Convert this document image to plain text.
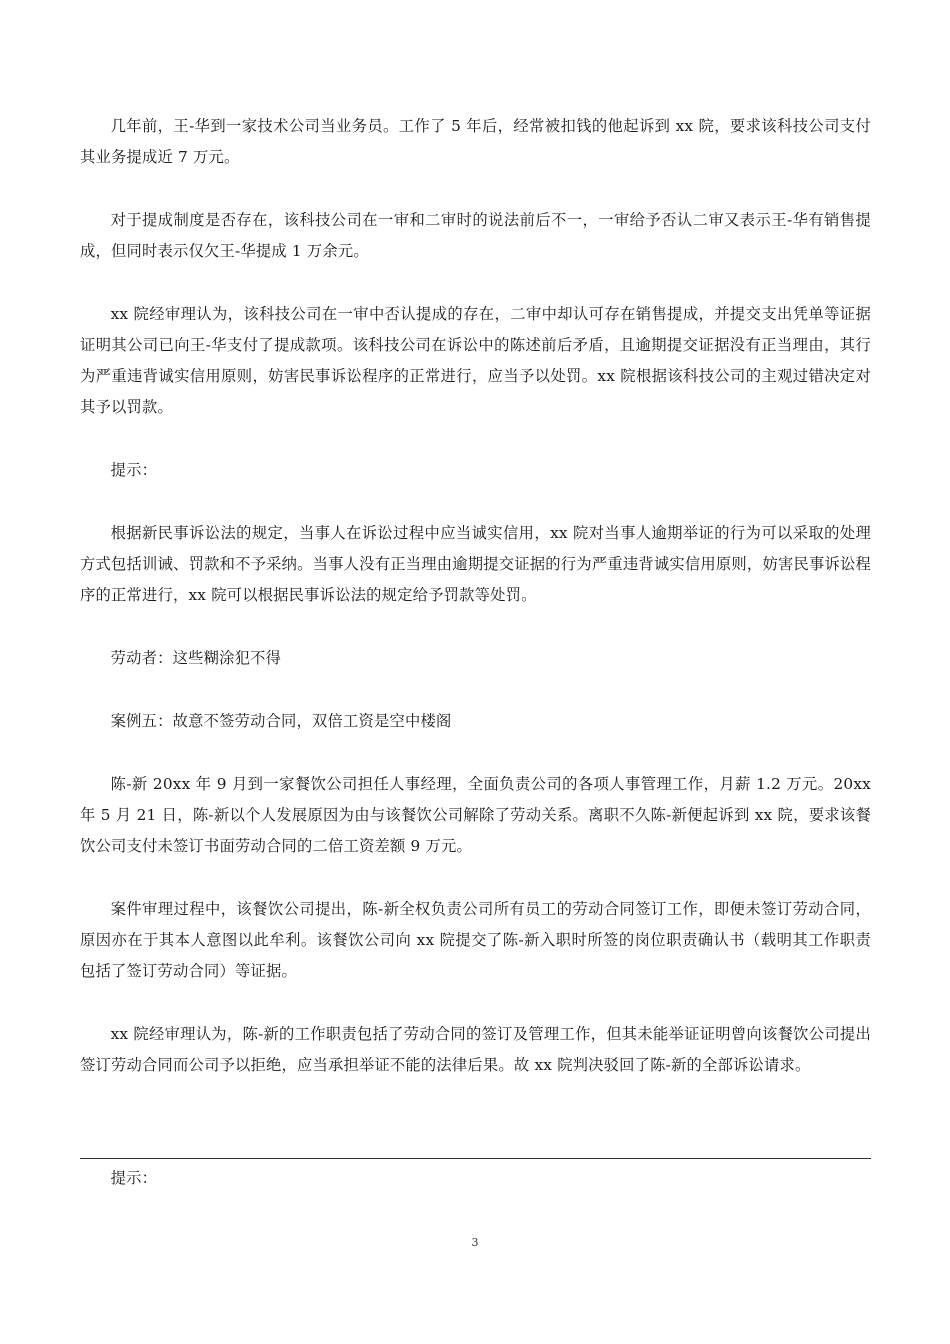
几年前，王-华到一家技术公司当业务员。工作了 5 年后，经常被扣钱的他起诉到 xx 院，要求该科技公司支付其业务提成近 7 万元。

对于提成制度是否存在，该科技公司在一审和二审时的说法前后不一，一审给予否认二审又表示王-华有销售提成，但同时表示仅欠王-华提成 1 万余元。

xx 院经审理认为，该科技公司在一审中否认提成的存在，二审中却认可存在销售提成，并提交支出凭单等证据证明其公司已向王-华支付了提成款项。该科技公司在诉讼中的陈述前后矛盾，且逾期提交证据没有正当理由，其行为严重违背诚实信用原则，妨害民事诉讼程序的正常进行，应当予以处罚。xx 院根据该科技公司的主观过错决定对其予以罚款。

提示：

根据新民事诉讼法的规定，当事人在诉讼过程中应当诚实信用，xx 院对当事人逾期举证的行为可以采取的处理方式包括训诫、罚款和不予采纳。当事人没有正当理由逾期提交证据的行为严重违背诚实信用原则，妨害民事诉讼程序的正常进行，xx 院可以根据民事诉讼法的规定给予罚款等处罚。

劳动者：这些糊涂犯不得

案例五：故意不签劳动合同，双倍工资是空中楼阁

陈-新 20xx 年 9 月到一家餐饮公司担任人事经理，全面负责公司的各项人事管理工作，月薪 1.2 万元。20xx 年 5 月 21 日，陈-新以个人发展原因为由与该餐饮公司解除了劳动关系。离职不久陈-新便起诉到 xx 院，要求该餐饮公司支付未签订书面劳动合同的二倍工资差额 9 万元。

案件审理过程中，该餐饮公司提出，陈-新全权负责公司所有员工的劳动合同签订工作，即便未签订劳动合同，原因亦在于其本人意图以此牟利。该餐饮公司向 xx 院提交了陈-新入职时所签的岗位职责确认书（载明其工作职责包括了签订劳动合同）等证据。

xx 院经审理认为，陈-新的工作职责包括了劳动合同的签订及管理工作，但其未能举证证明曾向该餐饮公司提出签订劳动合同而公司予以拒绝，应当承担举证不能的法律后果。故 xx 院判决驳回了陈-新的全部诉讼请求。

提示：

3
